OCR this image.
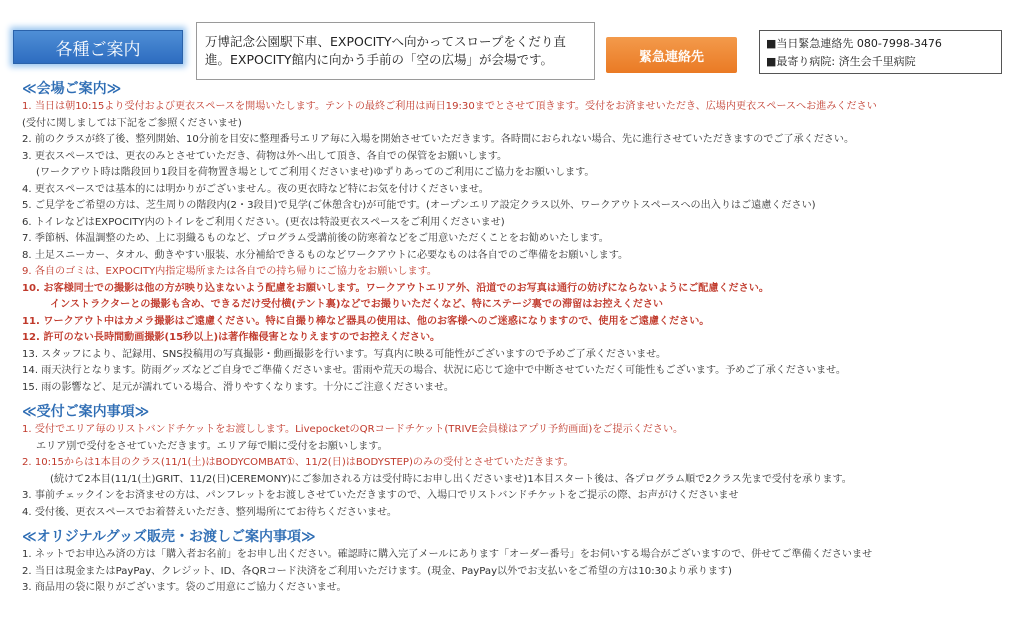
各種ご案内	万博記念公園駅下車、EXPOCITYへ向かってスロープをくだり直
進。EXPOCITY館内に向かう手前の「空の広場」が会場です。	緊急連絡先
■当日緊急連絡先 080-7998-3476
■最寄り病院: 済生会千里病院
≪会場ご案内≫
1. 当日は朝10:15より受付および更衣スペースを開場いたします。テントの最終ご利用は両日19:30までとさせて頂きます。受付をお済ませいただき、広場内更衣スペースへお進みください
(受付に関しましては下記をご参照くださいませ)
2. 前のクラスが終了後、整列開始、10分前を目安に整理番号エリア毎に入場を開始させていただきます。各時間におられない場合、先に進行させていただきますのでご了承ください。
3. 更衣スペースでは、更衣のみとさせていただき、荷物は外へ出して頂き、各自での保管をお願いします。
(ワークアウト時は階段回り1段目を荷物置き場としてご利用くださいませ)ゆずりあってのご利用にご協力をお願いします。
4. 更衣スペースでは基本的には明かりがございません。夜の更衣時など特にお気を付けくださいませ。
5. ご見学をご希望の方は、芝生周りの階段内(2・3段目)で見学(ご休憩含む)が可能です。(オープンエリア設定クラス以外、ワークアウトスペースへの出入りはご遠慮ください)
6. トイレなどはEXPOCITY内のトイレをご利用ください。(更衣は特設更衣スペースをご利用くださいませ)
7. 季節柄、体温調整のため、上に羽織るものなど、プログラム受講前後の防寒着などをご用意いただくことをお勧めいたします。
8. 土足スニーカー、タオル、動きやすい服装、水分補給できるものなどワークアウトに必要なものは各自でのご準備をお願いします。
9. 各自のゴミは、EXPOCITY内指定場所または各自での持ち帰りにご協力をお願いします。
10. お客様同士での撮影は他の方が映り込まないよう配慮をお願いします。ワークアウトエリア外、沿道でのお写真は通行の妨げにならないようにご配慮ください。
インストラクターとの撮影も含め、できるだけ受付横(テント裏)などでお撮りいただくなど、特にステージ裏での滞留はお控えください
11. ワークアウト中はカメラ撮影はご遠慮ください。特に自撮り棒など器具の使用は、他のお客様へのご迷惑になりますので、使用をご遠慮ください。
12. 許可のない長時間動画撮影(15秒以上)は著作権侵害となりえますのでお控えください。
13. スタッフにより、記録用、SNS投稿用の写真撮影・動画撮影を行います。写真内に映る可能性がございますので予めご了承くださいませ。
14. 雨天決行となります。防雨グッズなどご自身でご準備くださいませ。雷雨や荒天の場合、状況に応じて途中で中断させていただく可能性もございます。予めご了承くださいませ。
15. 雨の影響など、足元が濡れている場合、滑りやすくなります。十分にご注意くださいませ。
≪受付ご案内事項≫
1. 受付でエリア毎のリストバンドチケットをお渡しします。LivepocketのQRコードチケット(TRIVE会員様はアプリ予約画面)をご提示ください。
エリア別で受付をさせていただきます。エリア毎で順に受付をお願いします。
2. 10:15からは1本目のクラス(11/1(土)はBODYCOMBAT①、11/2(日)はBODYSTEP)のみの受付とさせていただきます。
(続けて2本目(11/1(土)GRIT、11/2(日)CEREMONY)にご参加される方は受付時にお申し出くださいませ)1本目スタート後は、各プログラム順で2クラス先まで受付を承ります。
3. 事前チェックインをお済ませの方は、パンフレットをお渡しさせていただきますので、入場口でリストバンドチケットをご提示の際、お声がけくださいませ
4. 受付後、更衣スペースでお着替えいただき、整列場所にてお待ちくださいませ。
≪オリジナルグッズ販売・お渡しご案内事項≫
1. ネットでお申込み済の方は「購入者お名前」をお申し出ください。確認時に購入完了メールにあります「オーダー番号」をお伺いする場合がございますので、併せてご準備くださいませ
2. 当日は現金またはPayPay、クレジット、ID、各QRコード決済をご利用いただけます。(現金、PayPay以外でお支払いをご希望の方は10:30より承ります)
3. 商品用の袋に限りがございます。袋のご用意にご協力くださいませ。
